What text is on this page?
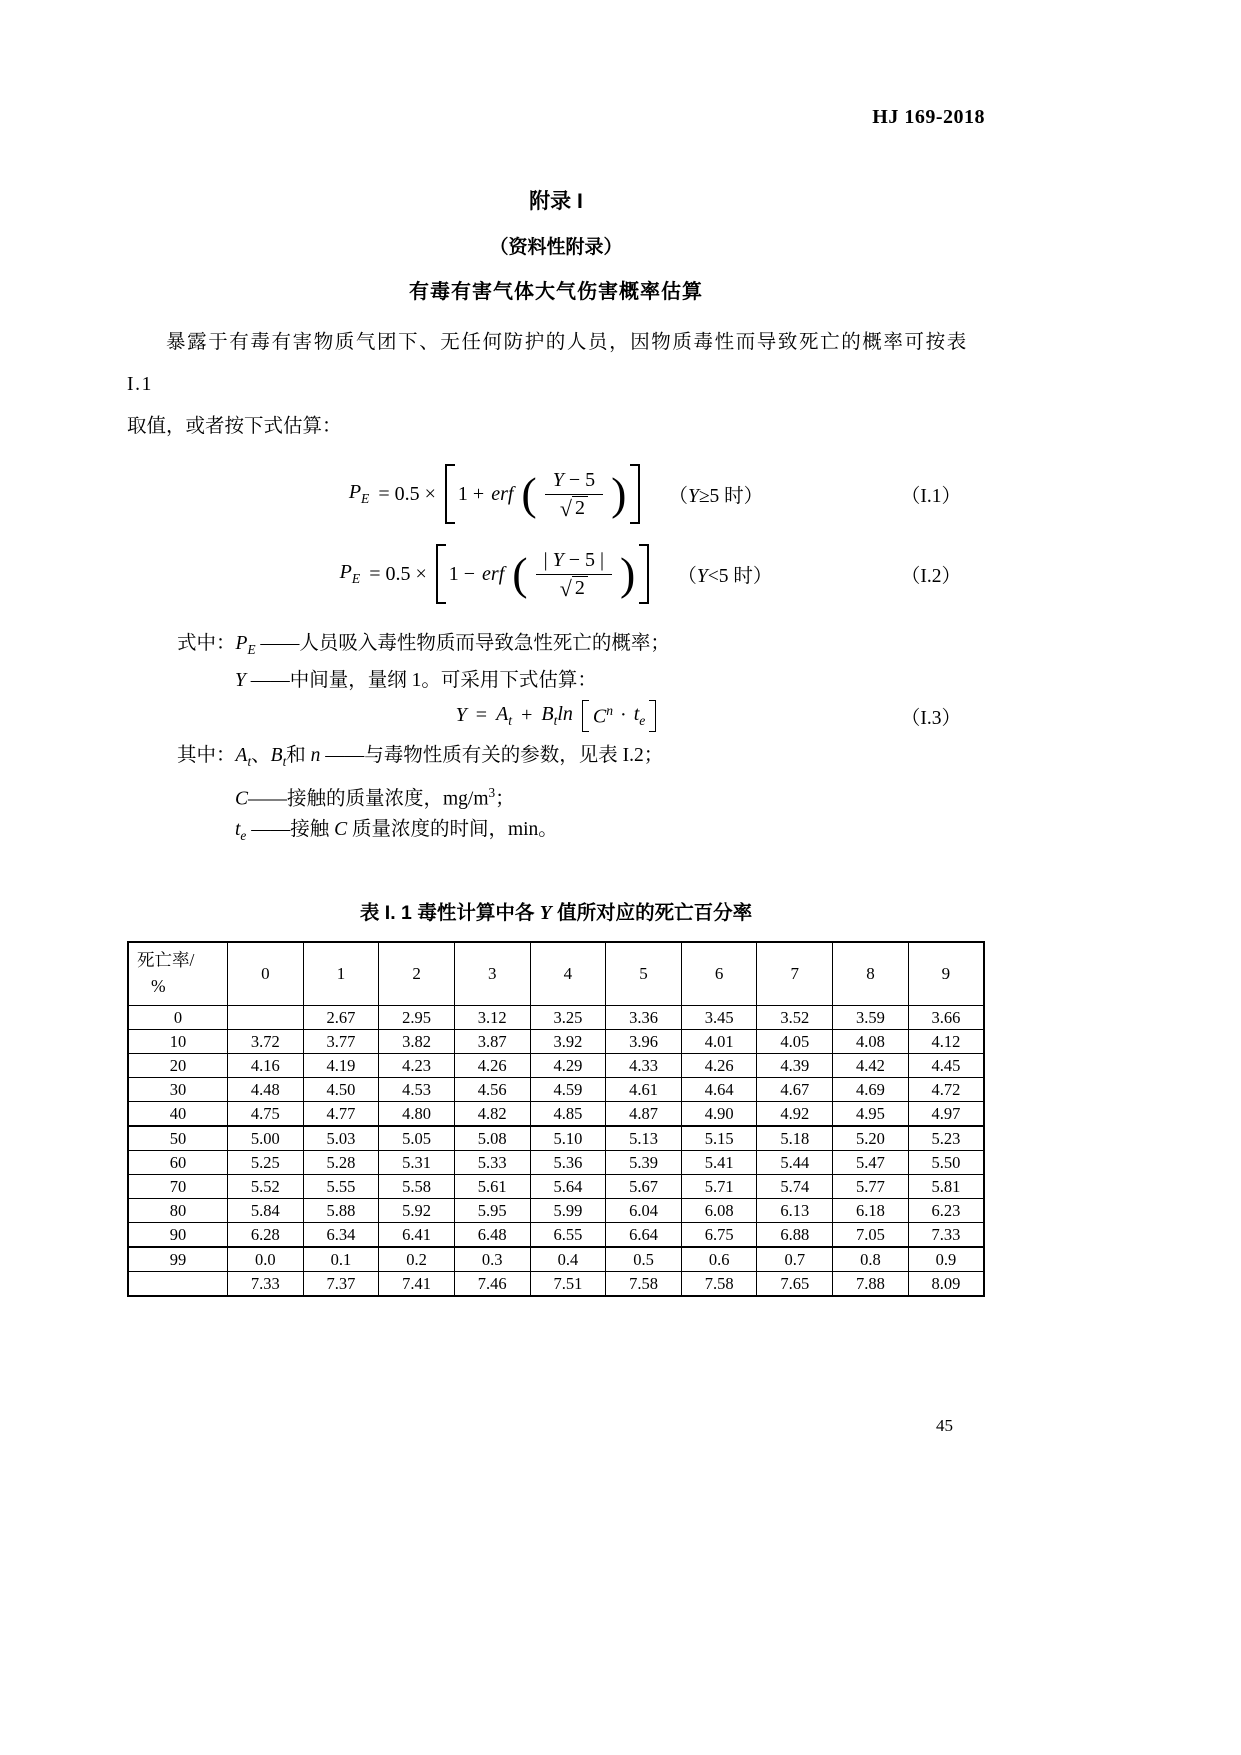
HJ 169-2018
附录 I
（资料性附录）
有毒有害气体大气伤害概率估算
暴露于有毒有害物质气团下、无任何防护的人员，因物质毒性而导致死亡的概率可按表 I.1
取值，或者按下式估算：
$P_E = 0.5 \times 1$ + erf ( $\frac{Y - 5}{√ 2}$ ) （Y≥5 时）	（I.1）
$P_E = 0.5 \times 1$ − erf ( $\frac{| Y - 5 |}{√ 2}$ ) （Y<5 时）	（I.2）
式中：$P_E$ ——人员吸入毒性物质而导致急性死亡的概率；
Y ——中间量，量纲 1。可采用下式估算：
$Y = A_t + B_t\ln$ $C^n \cdot t_e$	（I.3）
其中：$A_t$、$B_t$和 n ——与毒物性质有关的参数，见表 I.2；
C——接触的质量浓度，$mg/m^3$；
$t_e$ ——接触 C 质量浓度的时间，min。
表 I. 1 毒性计算中各 Y 值所对应的死亡百分率
死亡率/
%	0	1	2	3	4	5	6	7	8	9
0		2.67	2.95	3.12	3.25	3.36	3.45	3.52	3.59	3.66
10	3.72	3.77	3.82	3.87	3.92	3.96	4.01	4.05	4.08	4.12
20	4.16	4.19	4.23	4.26	4.29	4.33	4.26	4.39	4.42	4.45
30	4.48	4.50	4.53	4.56	4.59	4.61	4.64	4.67	4.69	4.72
40	4.75	4.77	4.80	4.82	4.85	4.87	4.90	4.92	4.95	4.97
50	5.00	5.03	5.05	5.08	5.10	5.13	5.15	5.18	5.20	5.23
60	5.25	5.28	5.31	5.33	5.36	5.39	5.41	5.44	5.47	5.50
70	5.52	5.55	5.58	5.61	5.64	5.67	5.71	5.74	5.77	5.81
80	5.84	5.88	5.92	5.95	5.99	6.04	6.08	6.13	6.18	6.23
90	6.28	6.34	6.41	6.48	6.55	6.64	6.75	6.88	7.05	7.33
99	0.0	0.1	0.2	0.3	0.4	0.5	0.6	0.7	0.8	0.9
	7.33	7.37	7.41	7.46	7.51	7.58	7.58	7.65	7.88	8.09
45
